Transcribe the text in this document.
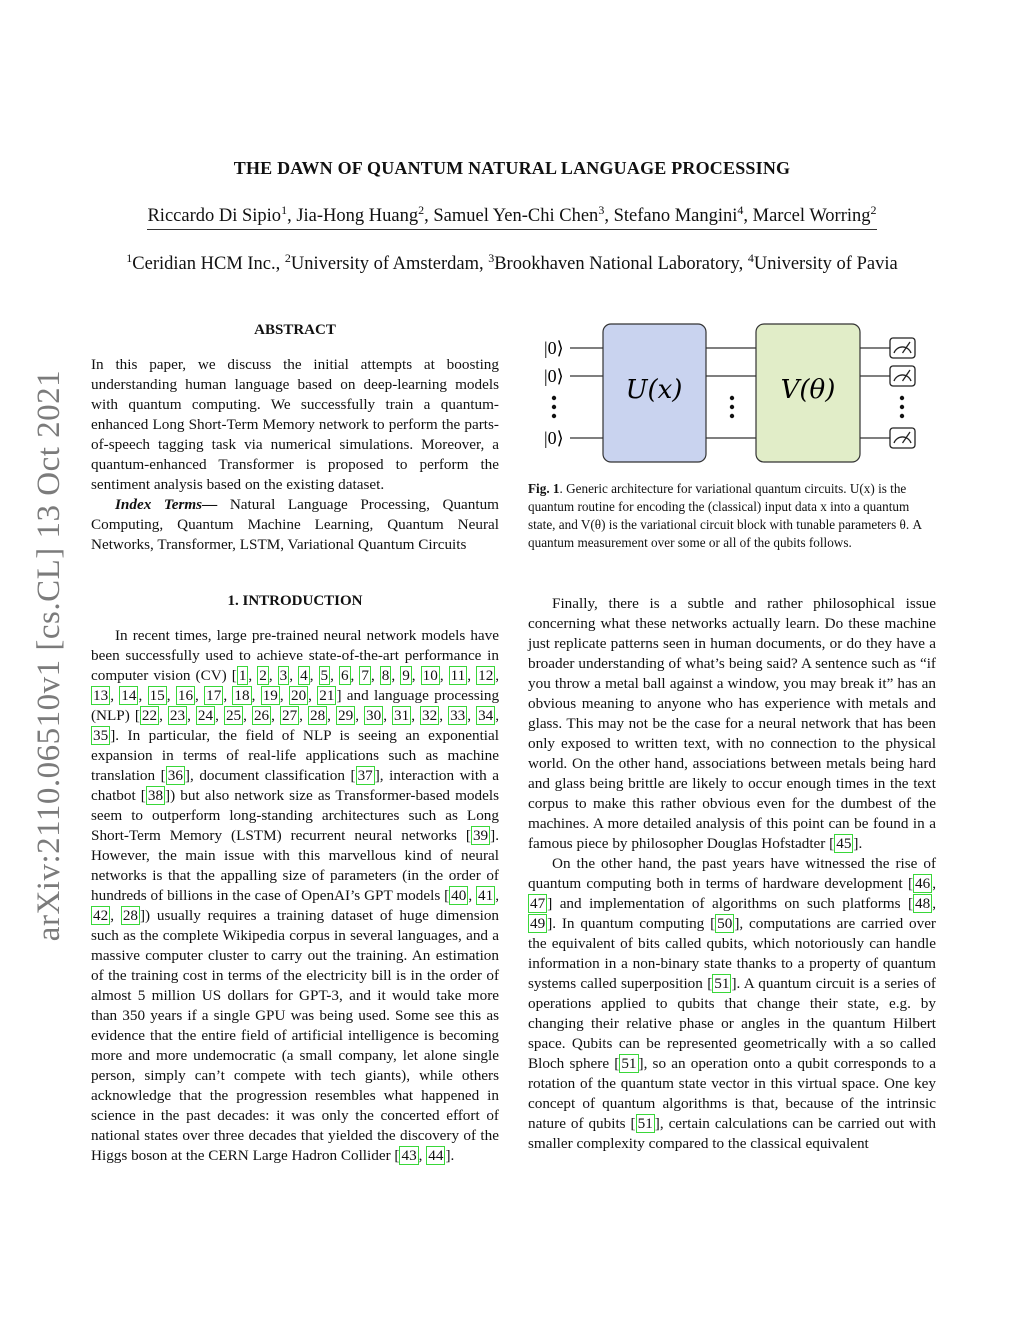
arXiv:2110.06510v1 [cs.CL] 13 Oct 2021
THE DAWN OF QUANTUM NATURAL LANGUAGE PROCESSING
Riccardo Di Sipio$^1$, Jia-Hong Huang$^2$, Samuel Yen-Chi Chen$^3$, Stefano Mangini$^4$, Marcel Worring$^2$
$^1$Ceridian HCM Inc., $^2$University of Amsterdam, $^3$Brookhaven National Laboratory, $^4$University of Pavia
ABSTRACT

In this paper, we discuss the initial attempts at boosting understanding human language based on deep-learning models with quantum computing. We successfully train a quantum-enhanced Long Short-Term Memory network to perform the parts-of-speech tagging task via numerical simulations. Moreover, a quantum-enhanced Transformer is proposed to perform the sentiment analysis based on the existing dataset.

Index Terms— Natural Language Processing, Quantum Computing, Quantum Machine Learning, Quantum Neural Networks, Transformer, LSTM, Variational Quantum Circuits

1. INTRODUCTION

In recent times, large pre-trained neural network models have been successfully used to achieve state-of-the-art performance in computer vision (CV) [ 1 , 2 , 3 , 4 , 5 , 6 , 7 , 8 , 9 , 10 , 11 , 12 , 13 , 14 , 15 , 16 , 17 , 18 , 19 , 20 , 21 ] and language processing (NLP) [ 22 , 23 , 24 , 25 , 26 , 27 , 28 , 29 , 30 , 31 , 32 , 33 , 34 , 35 ]. In particular, the field of NLP is seeing an exponential expansion in terms of real-life applications such as machine translation [ 36 ], document classification [ 37 ], interaction with a chatbot [ 38 ]) but also network size as Transformer-based models seem to outperform long-standing architectures such as Long Short-Term Memory (LSTM) recurrent neural networks [ 39 ]. However, the main issue with this marvellous kind of neural networks is that the appalling size of parameters (in the order of hundreds of billions in the case of OpenAI’s GPT models [ 40 , 41 , 42 , 28 ]) usually requires a training dataset of huge dimension such as the complete Wikipedia corpus in several languages, and a massive computer cluster to carry out the training. An estimation of the training cost in terms of the electricity bill is in the order of almost 5 million US dollars for GPT-3, and it would take more than 350 years if a single GPU was being used. Some see this as evidence that the entire field of artificial intelligence is becoming more and more undemocratic (a small company, let alone single person, simply can’t compete with tech giants), while others acknowledge that the progression resembles what happened in science in the past decades: it was only the concerted effort of national states over three decades that yielded the discovery of the Higgs boson at the CERN Large Hadron Collider [ 43 , 44 ].

|0⟩
|0⟩
|0⟩
U(x)	V(θ)
Fig. 1. Generic architecture for variational quantum circuits. U(x) is the quantum routine for encoding the (classical) input data x into a quantum state, and V(θ) is the variational circuit block with tunable parameters θ. A quantum measurement over some or all of the qubits follows.

Finally, there is a subtle and rather philosophical issue concerning what these networks actually learn. Do these machine just replicate patterns seen in human documents, or do they have a broader understanding of what’s being said? A sentence such as “if you throw a metal ball against a window, you may break it” has an obvious meaning to anyone who has experience with metals and glass. This may not be the case for a neural network that has been only exposed to written text, with no connection to the physical world. On the other hand, associations between metals being hard and glass being brittle are likely to occur enough times in the text corpus to make this rather obvious even for the dumbest of the machines. A more detailed analysis of this point can be found in a famous piece by philosopher Douglas Hofstadter [ 45 ].

On the other hand, the past years have witnessed the rise of quantum computing both in terms of hardware development [ 46 , 47 ] and implementation of algorithms on such platforms [ 48 , 49 ]. In quantum computing [ 50 ], computations are carried over the equivalent of bits called qubits, which notoriously can handle information in a non-binary state thanks to a property of quantum systems called superposition [ 51 ]. A quantum circuit is a series of operations applied to qubits that change their state, e.g. by changing their relative phase or angles in the quantum Hilbert space. Qubits can be represented geometrically with a so called Bloch sphere [ 51 ], so an operation onto a qubit corresponds to a rotation of the quantum state vector in this virtual space. One key concept of quantum algorithms is that, because of the intrinsic nature of qubits [ 51 ], certain calculations can be carried out with smaller complexity compared to the classical equivalent
